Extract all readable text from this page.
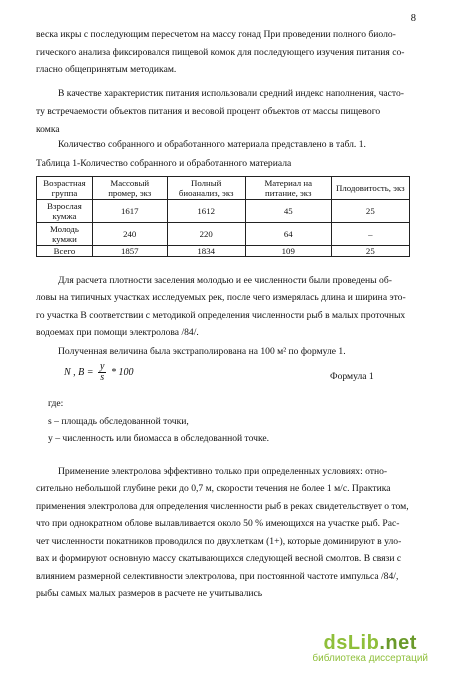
8
веска икры с последующим пересчетом на массу гонад При проведении полного биоло-
гического анализа фиксировался пищевой комок для последующего изучения питания со-
гласно общепринятым методикам.
В качестве характеристик питания использовали средний индекс наполнения, часто-
ту встречаемости объектов питания и весовой процент объектов от массы пищевого
комка
Количество собранного и обработанного материала представлено в табл. 1.
Таблица 1-Количество собранного и обработанного материала
Возрастная группа	Массовый промер, экз	Полный биоанализ, экз	Материал на питание, экз	Плодовитость, экз
Взрослая кумжа	1617	1612	45	25
Молодь кумжи	240	220	64	–
Всего	1857	1834	109	25
Для расчета плотности заселения молодью и ее численности были проведены об-
ловы на типичных участках исследуемых рек, после чего измерялась длина и ширина это-
го участка В соответствии с методикой определения численности рыб в малых проточных
водоемах при помощи электролова /84/.
Полученная величина была экстраполирована на 100 м² по формуле 1.
N , $B = \frac{y}{s} * 100$	Формула 1
где:
s – площадь обследованной точки,
y – численность или биомасса в обследованной точке.
Применение электролова эффективно только при определенных условиях: отно-
сительно небольшой глубине реки до 0,7 м, скорости течения не более 1 м/с. Практика
применения электролова для определения численности рыб в реках свидетельствует о том,
что при однократном облове вылавливается около 50 % имеющихся на участке рыб. Рас-
чет численности покатников проводился по двухлеткам (1+), которые доминируют в уло-
вах и формируют основную массу скатывающихся следующей весной смолтов. В связи с
влиянием размерной селективности электролова, при постоянной частоте импульса /84/,
рыбы самых малых размеров в расчете не учитывались
dsLib.net
библиотека диссертаций
